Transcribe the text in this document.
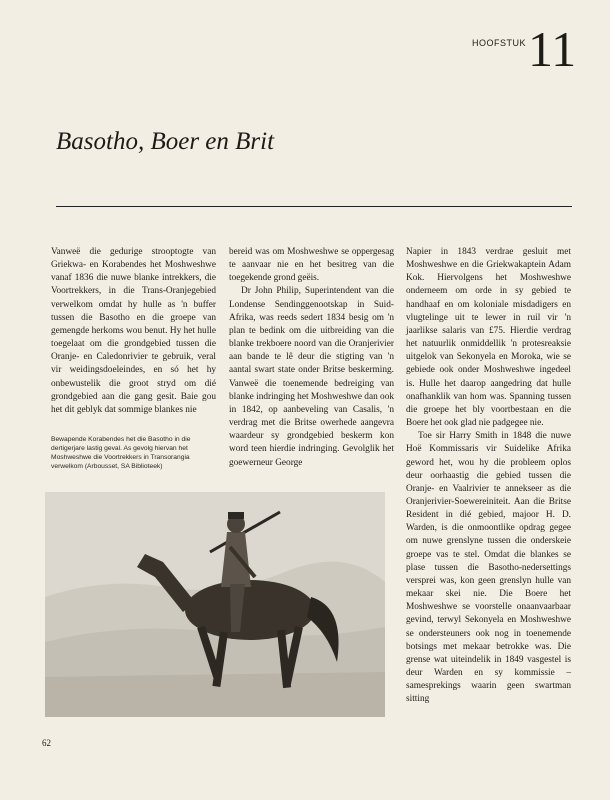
HOOFSTUK 11
Basotho, Boer en Brit

Vanweë die gedurige strooptogte van Griekwa- en Korabendes het Moshweshwe vanaf 1836 die nuwe blanke intrekkers, die Voortrekkers, in die Trans-Oranjegebied verwelkom omdat hy hulle as 'n buffer tussen die Basotho en die groepe van gemengde herkoms wou benut. Hy het hulle toegelaat om die grondgebied tussen die Oranje- en Caledonrivier te gebruik, veral vir weidingsdoeleindes, en só het hy onbewustelik die groot stryd om dié grondgebied aan die gang gesit. Baie gou het dit geblyk dat sommige blankes nie

Bewapende Korabendes het die Basotho in die dertigerjare lastig geval. As gevolg hiervan het Moshweshwe die Voortrekkers in Transorangia verwelkom (Arbousset, SA Biblioteek)

bereid was om Moshweshwe se oppergesag te aanvaar nie en het besitreg van die toegekende grond geëis.

Dr John Philip, Superintendent van die Londense Sendinggenootskap in Suid-Afrika, was reeds sedert 1834 besig om 'n plan te bedink om die uitbreiding van die blanke trekboere noord van die Oranjerivier aan bande te lê deur die stigting van 'n aantal swart state onder Britse beskerming. Vanweë die toenemende bedreiging van blanke indringing het Moshweshwe dan ook in 1842, op aanbeveling van Casalis, 'n verdrag met die Britse owerhede aangevra waardeur sy grondgebied beskerm kon word teen hierdie indringing. Gevolglik het goewerneur George

Napier in 1843 verdrae gesluit met Moshweshwe en die Griekwakaptein Adam Kok. Hiervolgens het Moshweshwe onderneem om orde in sy gebied te handhaaf en om koloniale misdadigers en vlugtelinge uit te lewer in ruil vir 'n jaarlikse salaris van £75. Hierdie verdrag het natuurlik onmiddellik 'n protesreaksie uitgelok van Sekonyela en Moroka, wie se gebiede ook onder Moshweshwe ingedeel is. Hulle het daarop aangedring dat hulle onafhanklik van hom was. Spanning tussen die groepe het bly voortbestaan en die Boere het ook glad nie padgegee nie.

Toe sir Harry Smith in 1848 die nuwe Hoë Kommissaris vir Suidelike Afrika geword het, wou hy die probleem oplos deur oorhaastig die gebied tussen die Oranje- en Vaalrivier te annekseer as die Oranjerivier-Soewereiniteit. Aan die Britse Resident in dié gebied, majoor H. D. Warden, is die onmoontlike opdrag gegee om nuwe grenslyne tussen die onderskeie groepe vas te stel. Omdat die blankes se plase tussen die Basotho-nedersettings versprei was, kon geen grenslyn hulle van mekaar skei nie. Die Boere het Moshweshwe se voorstelle onaanvaarbaar gevind, terwyl Sekonyela en Moshweshwe se ondersteuners ook nog in toenemende botsings met mekaar betrokke was. Die grense wat uiteindelik in 1849 vasgestel is deur Warden en sy kommissie – samesprekings waarin geen swartman sitting

62
